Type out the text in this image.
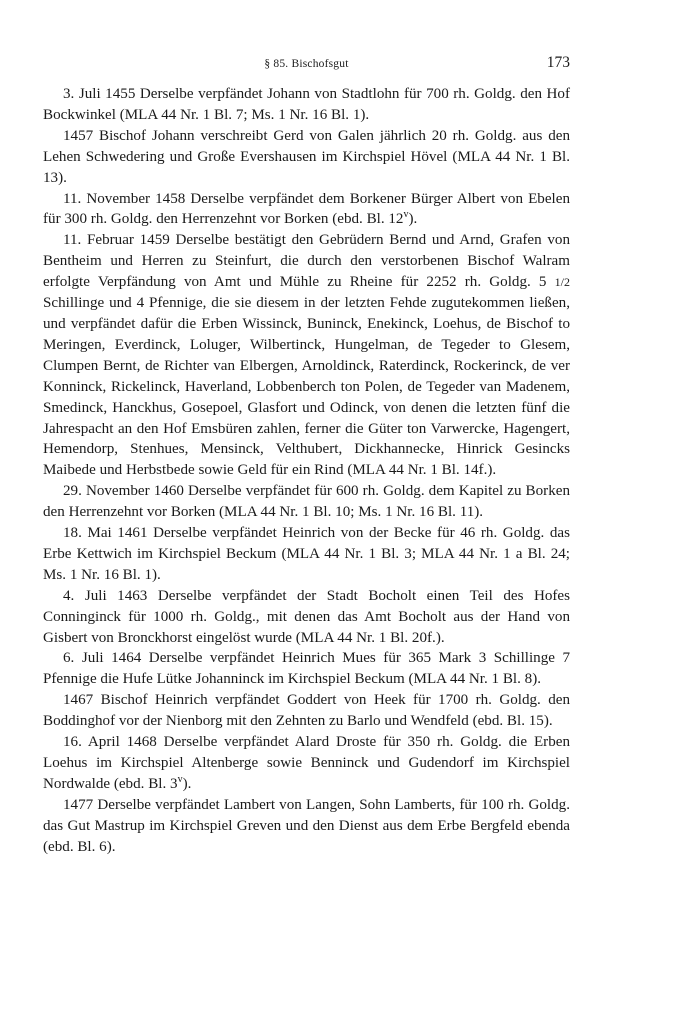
§ 85. Bischofsgut	173

3. Juli 1455 Derselbe verpfändet Johann von Stadtlohn für 700 rh. Goldg. den Hof Bockwinkel (MLA 44 Nr. 1 Bl. 7; Ms. 1 Nr. 16 Bl. 1).

1457 Bischof Johann verschreibt Gerd von Galen jährlich 20 rh. Goldg. aus den Lehen Schwedering und Große Evershausen im Kirchspiel Hövel (MLA 44 Nr. 1 Bl. 13).

11. November 1458 Derselbe verpfändet dem Borkener Bürger Albert von Ebelen für 300 rh. Goldg. den Herrenzehnt vor Borken (ebd. Bl. 12$^v$).

11. Februar 1459 Derselbe bestätigt den Gebrüdern Bernd und Arnd, Grafen von Bentheim und Herren zu Steinfurt, die durch den verstorbenen Bischof Walram erfolgte Verpfändung von Amt und Mühle zu Rheine für 2252 rh. Goldg. 5 1/2 Schillinge und 4 Pfennige, die sie diesem in der letzten Fehde zugutekommen ließen, und verpfändet dafür die Erben Wissinck, Buninck, Enekinck, Loehus, de Bischof to Meringen, Everdinck, Loluger, Wilbertinck, Hungelman, de Tegeder to Glesem, Clumpen Bernt, de Richter van Elbergen, Arnoldinck, Raterdinck, Rockerinck, de ver Konninck, Rickelinck, Haverland, Lobbenberch ton Polen, de Tegeder van Madenem, Smedinck, Hanckhus, Gosepoel, Glasfort und Odinck, von denen die letzten fünf die Jahrespacht an den Hof Emsbüren zahlen, ferner die Güter ton Varwercke, Hagengert, Hemendorp, Stenhues, Mensinck, Velthubert, Dickhannecke, Hinrick Gesincks Maibede und Herbstbede sowie Geld für ein Rind (MLA 44 Nr. 1 Bl. 14f.).

29. November 1460 Derselbe verpfändet für 600 rh. Goldg. dem Kapitel zu Borken den Herrenzehnt vor Borken (MLA 44 Nr. 1 Bl. 10; Ms. 1 Nr. 16 Bl. 11).

18. Mai 1461 Derselbe verpfändet Heinrich von der Becke für 46 rh. Goldg. das Erbe Kettwich im Kirchspiel Beckum (MLA 44 Nr. 1 Bl. 3; MLA 44 Nr. 1 a Bl. 24; Ms. 1 Nr. 16 Bl. 1).

4. Juli 1463 Derselbe verpfändet der Stadt Bocholt einen Teil des Hofes Conninginck für 1000 rh. Goldg., mit denen das Amt Bocholt aus der Hand von Gisbert von Bronckhorst eingelöst wurde (MLA 44 Nr. 1 Bl. 20f.).

6. Juli 1464 Derselbe verpfändet Heinrich Mues für 365 Mark 3 Schillinge 7 Pfennige die Hufe Lütke Johanninck im Kirchspiel Beckum (MLA 44 Nr. 1 Bl. 8).

1467 Bischof Heinrich verpfändet Goddert von Heek für 1700 rh. Goldg. den Boddinghof vor der Nienborg mit den Zehnten zu Barlo und Wendfeld (ebd. Bl. 15).

16. April 1468 Derselbe verpfändet Alard Droste für 350 rh. Goldg. die Erben Loehus im Kirchspiel Altenberge sowie Benninck und Gudendorf im Kirchspiel Nordwalde (ebd. Bl. 3$^v$).

1477 Derselbe verpfändet Lambert von Langen, Sohn Lamberts, für 100 rh. Goldg. das Gut Mastrup im Kirchspiel Greven und den Dienst aus dem Erbe Bergfeld ebenda (ebd. Bl. 6).
